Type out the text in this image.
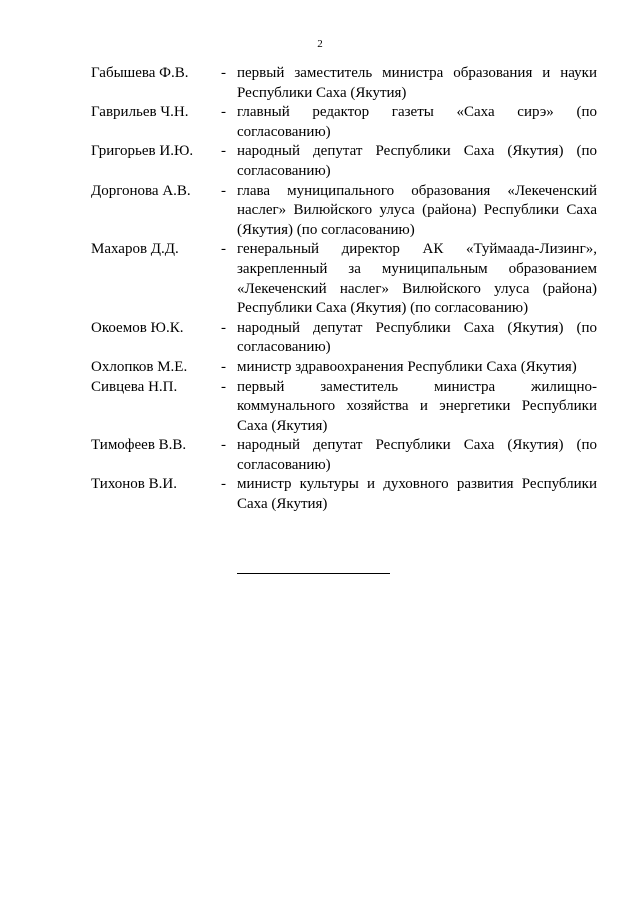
2
Габышева Ф.В.	- первый заместитель министра образования и науки Республики Саха (Якутия)
Гаврильев Ч.Н.	- главный редактор газеты «Саха сирэ» (по согласованию)
Григорьев И.Ю.	- народный депутат Республики Саха (Якутия) (по согласованию)
Доргонова А.В.	- глава муниципального образования «Лекеченский наслег» Вилюйского улуса (района) Республики Саха (Якутия) (по согласованию)
Махаров Д.Д.	- генеральный директор АК «Туймаада-Лизинг», закрепленный за муниципальным образованием «Лекеченский наслег» Вилюйского улуса (района) Республики Саха (Якутия) (по согласованию)
Окоемов Ю.К.	- народный депутат Республики Саха (Якутия) (по согласованию)
Охлопков М.Е.	- министр здравоохранения Республики Саха (Якутия)
Сивцева Н.П.	- первый заместитель министра жилищно-коммунального хозяйства и энергетики Республики Саха (Якутия)
Тимофеев В.В.	- народный депутат Республики Саха (Якутия) (по согласованию)
Тихонов В.И.	- министр культуры и духовного развития Республики Саха (Якутия)
